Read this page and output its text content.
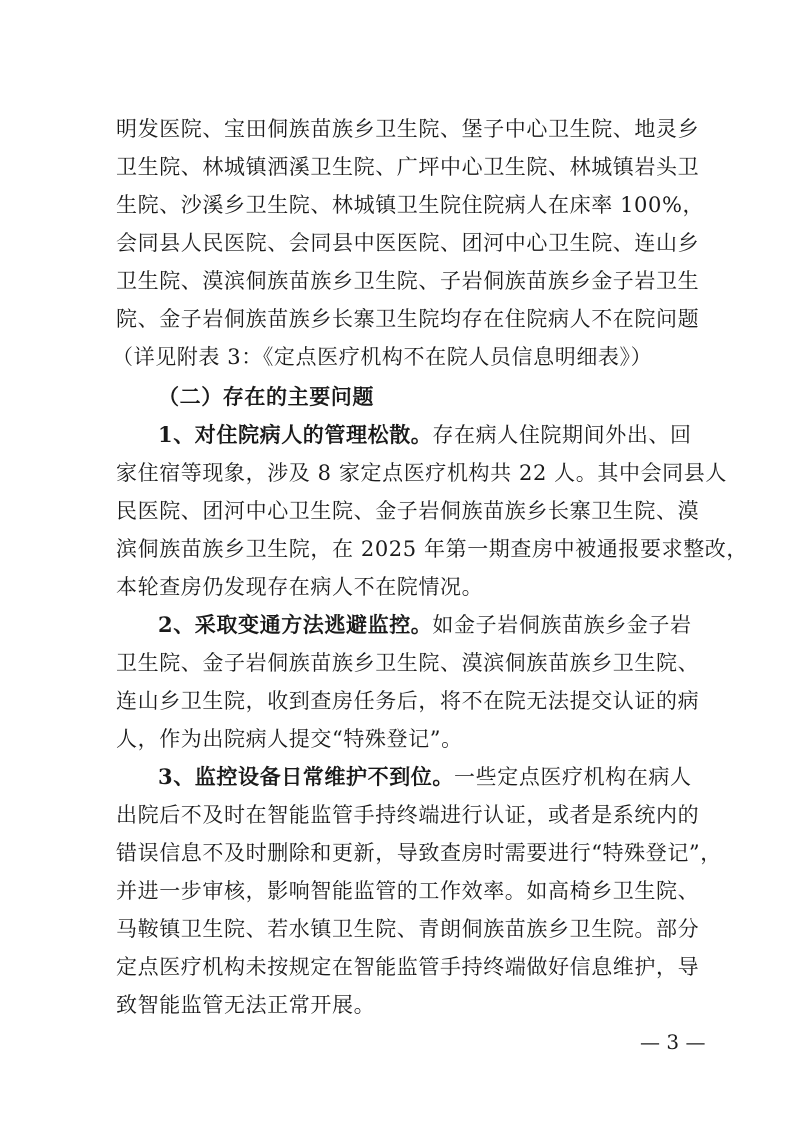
明发医院、宝田侗族苗族乡卫生院、堡子中心卫生院、地灵乡
卫生院、林城镇洒溪卫生院、广坪中心卫生院、林城镇岩头卫
生院、沙溪乡卫生院、林城镇卫生院住院病人在床率 100%，
会同县人民医院、会同县中医医院、团河中心卫生院、连山乡
卫生院、漠滨侗族苗族乡卫生院、子岩侗族苗族乡金子岩卫生
院、金子岩侗族苗族乡长寨卫生院均存在住院病人不在院问题
（详见附表 3：《定点医疗机构不在院人员信息明细表》）
（二）存在的主要问题
1、对住院病人的管理松散。存在病人住院期间外出、回
家住宿等现象，涉及 8 家定点医疗机构共 22 人。其中会同县人
民医院、团河中心卫生院、金子岩侗族苗族乡长寨卫生院、漠
滨侗族苗族乡卫生院，在 2025 年第一期查房中被通报要求整改，
本轮查房仍发现存在病人不在院情况。
2、采取变通方法逃避监控。如金子岩侗族苗族乡金子岩
卫生院、金子岩侗族苗族乡卫生院、漠滨侗族苗族乡卫生院、
连山乡卫生院，收到查房任务后，将不在院无法提交认证的病
人，作为出院病人提交“特殊登记”。
3、监控设备日常维护不到位。一些定点医疗机构在病人
出院后不及时在智能监管手持终端进行认证，或者是系统内的
错误信息不及时删除和更新，导致查房时需要进行“特殊登记”，
并进一步审核，影响智能监管的工作效率。如高椅乡卫生院、
马鞍镇卫生院、若水镇卫生院、青朗侗族苗族乡卫生院。部分
定点医疗机构未按规定在智能监管手持终端做好信息维护，导
致智能监管无法正常开展。
— 3 —
